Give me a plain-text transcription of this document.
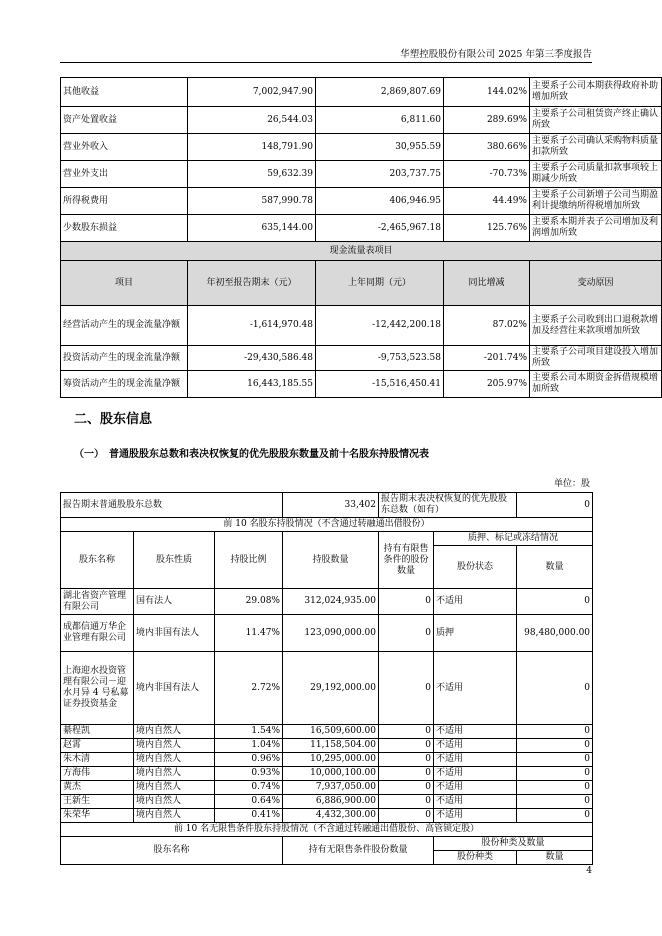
华塑控股股份有限公司 2025 年第三季度报告
其他收益	7,002,947.90	2,869,807.69	144.02%	主要系子公司本期获得政府补助增加所致
资产处置收益	26,544.03	6,811.60	289.69%	主要系子公司租赁资产终止确认所致
营业外收入	148,791.90	30,955.59	380.66%	主要系子公司确认采购物料质量扣款所致
营业外支出	59,632.39	203,737.75	-70.73%	主要系子公司质量扣款事项较上期减少所致
所得税费用	587,990.78	406,946.95	44.49%	主要系子公司新增子公司当期盈利计提缴纳所得税增加所致
少数股东损益	635,144.00	-2,465,967.18	125.76%	主要系本期并表子公司增加及利润增加所致
现金流量表项目				
项目	年初至报告期末（元）	上年同期（元）	同比增减	变动原因
经营活动产生的现金流量净额	-1,614,970.48	-12,442,200.18	87.02%	主要系子公司收到出口退税款增加及经营往来款项增加所致
投资活动产生的现金流量净额	-29,430,586.48	-9,753,523.58	-201.74%	主要系子公司项目建设投入增加所致
筹资活动产生的现金流量净额	16,443,185.55	-15,516,450.41	205.97%	主要系公司本期资金拆借规模增加所致
二、股东信息
（一）　普通股股东总数和表决权恢复的优先股股东数量及前十名股东持股情况表
单位：股
报告期末普通股股东总数			33,402	报告期末表决权恢复的优先股股东总数（如有）		0
前 10 名股东持股情况（不含通过转融通出借股份）						
股东名称	股东性质	持股比例	持股数量	持有有限售条件的股份数量	质押、标记或冻结情况	
					股份状态	数量
湖北省资产管理有限公司	国有法人	29.08%	312,024,935.00	0	不适用	0
成都信通万华企业管理有限公司	境内非国有法人	11.47%	123,090,000.00	0	质押	98,480,000.00
上海迎水投资管理有限公司－迎水月异 4 号私募证券投资基金	境内非国有法人	2.72%	29,192,000.00	0	不适用	0
綦程凯	境内自然人	1.54%	16,509,600.00	0	不适用	0
赵霄	境内自然人	1.04%	11,158,504.00	0	不适用	0
朱木清	境内自然人	0.96%	10,295,000.00	0	不适用	0
方海伟	境内自然人	0.93%	10,000,100.00	0	不适用	0
黄杰	境内自然人	0.74%	7,937,050.00	0	不适用	0
王新生	境内自然人	0.64%	6,886,900.00	0	不适用	0
朱荣华	境内自然人	0.41%	4,432,300.00	0	不适用	0
前 10 名无限售条件股东持股情况（不含通过转融通出借股份、高管锁定股）						
股东名称			持有无限售条件股份数量		股份种类及数量	
					股份种类	数量
4
